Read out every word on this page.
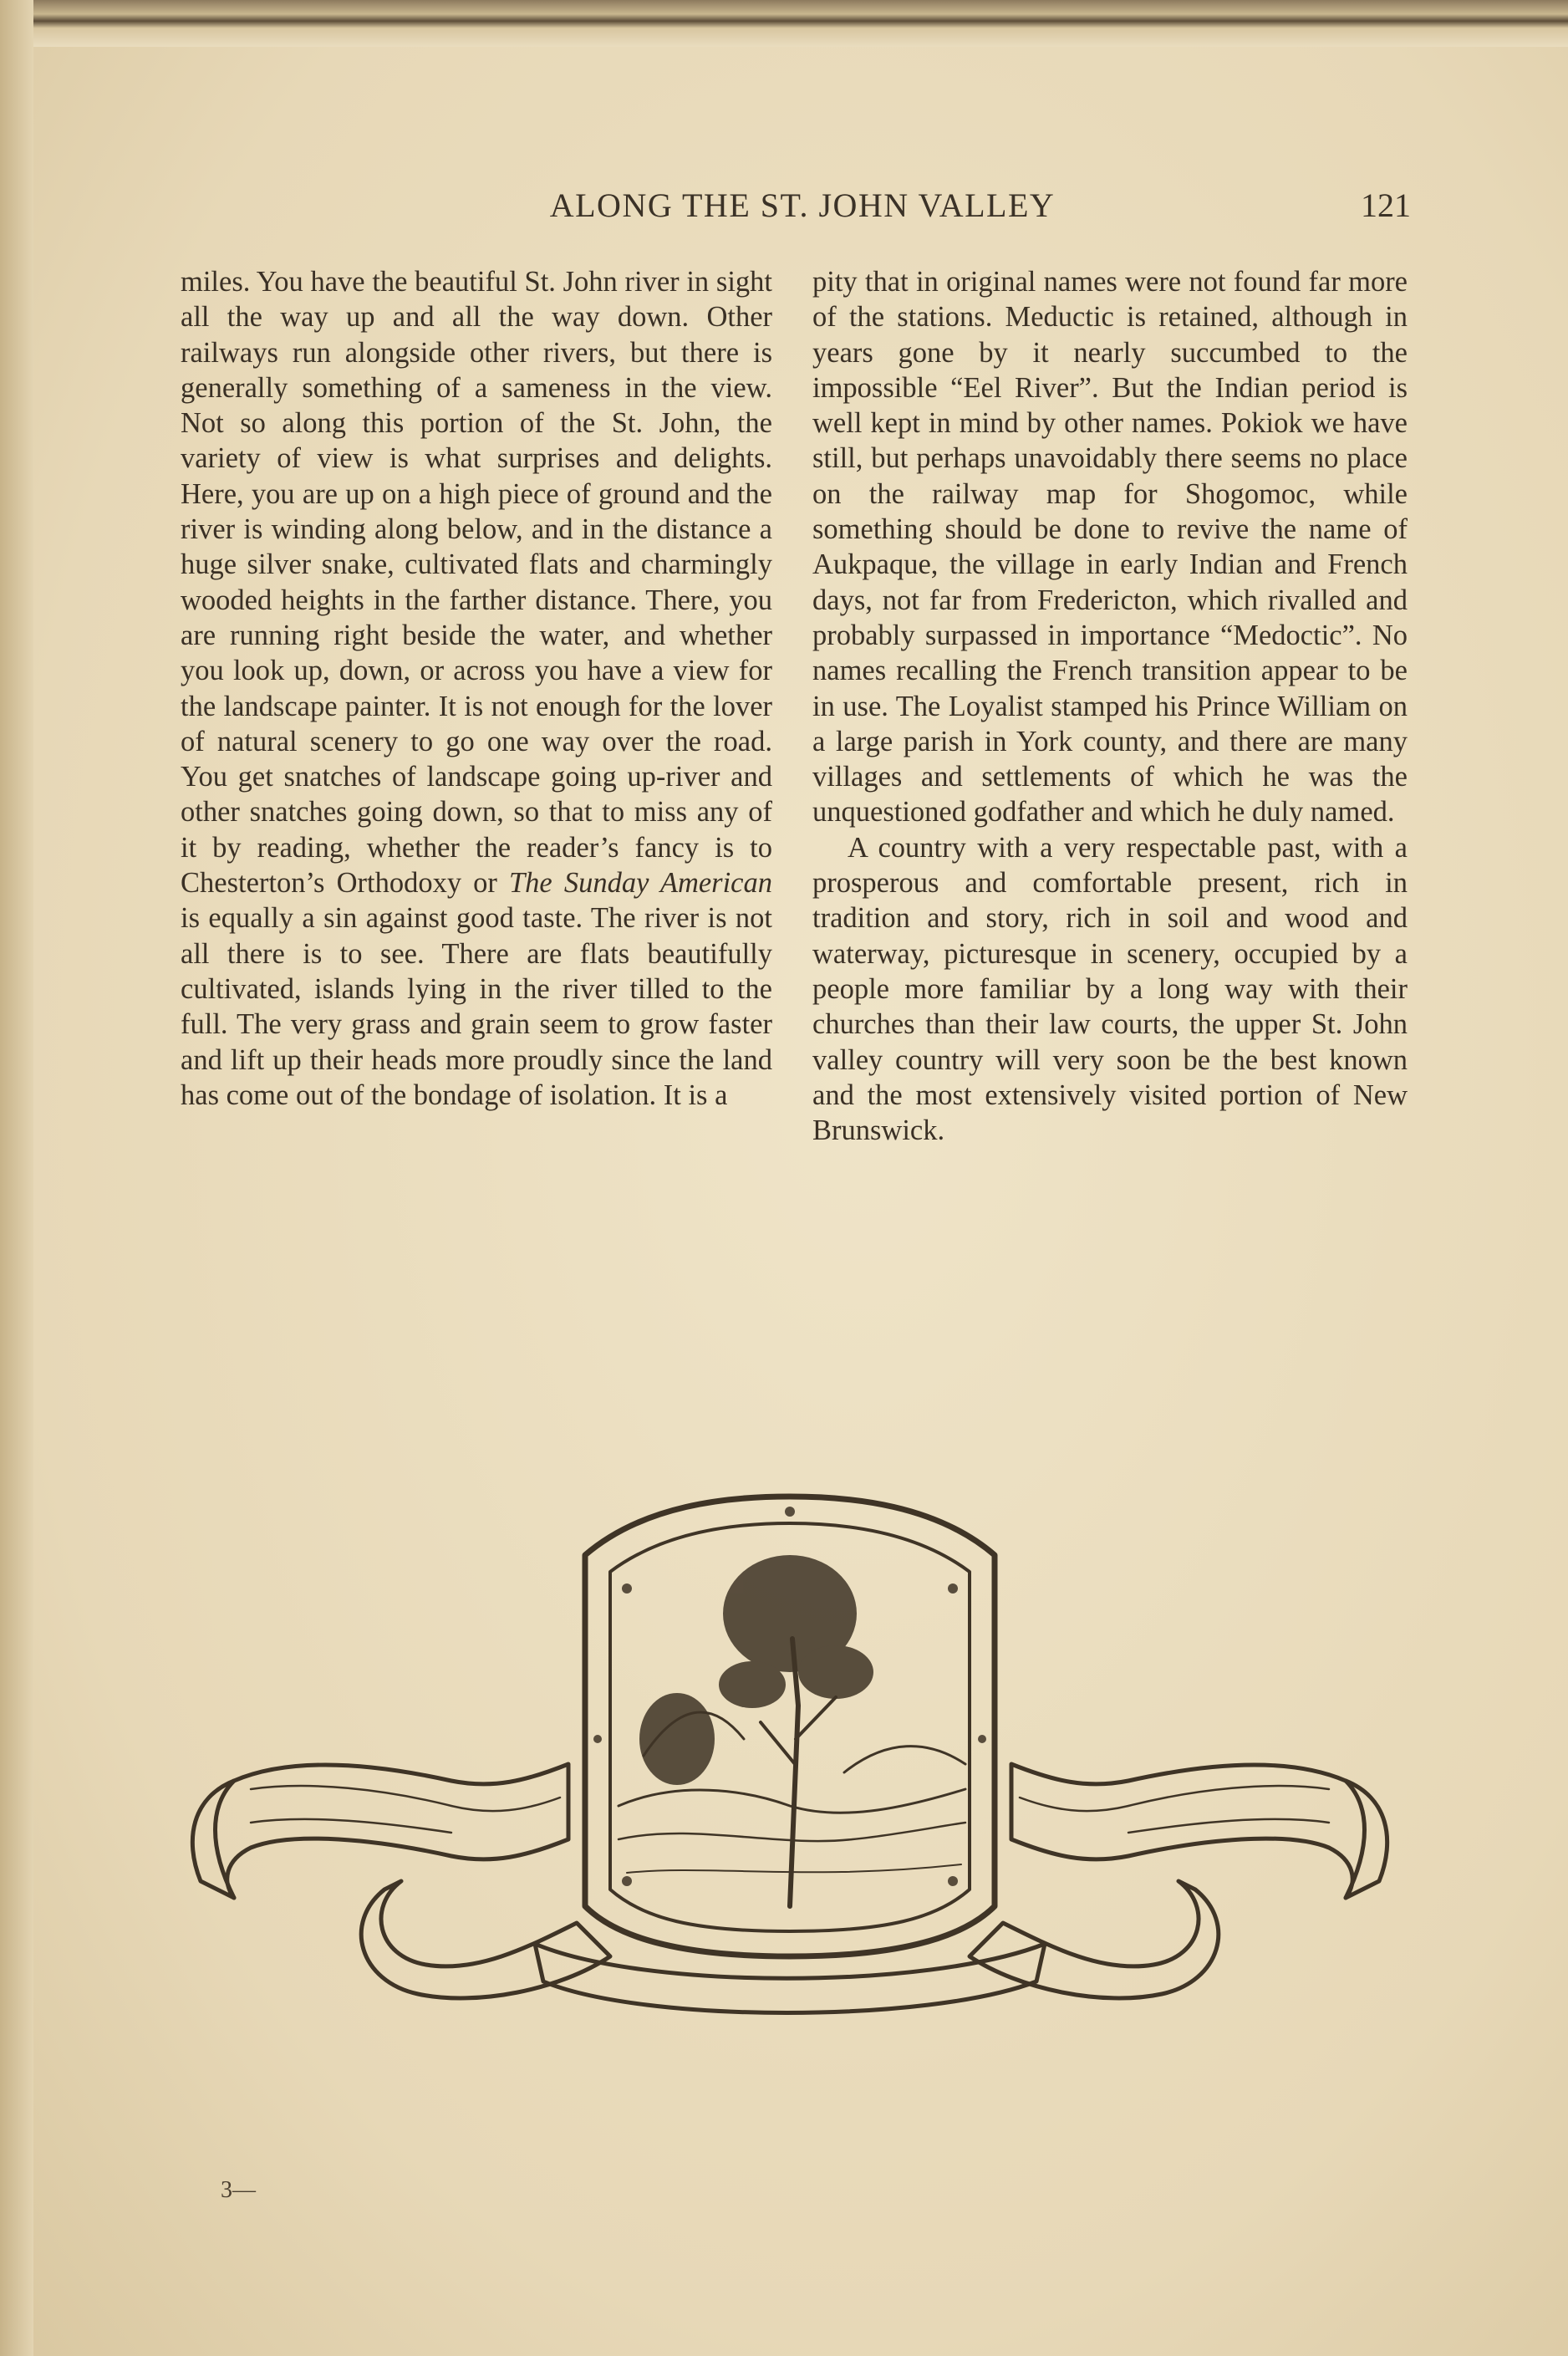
ALONG THE ST. JOHN VALLEY	121

miles. You have the beautiful St. John river in sight all the way up and all the way down. Other railways run alongside other rivers, but there is generally something of a sameness in the view. Not so along this portion of the St. John, the variety of view is what surprises and delights. Here, you are up on a high piece of ground and the river is winding along below, and in the distance a huge silver snake, cultivated flats and charmingly wooded heights in the farther distance. There, you are running right beside the water, and whether you look up, down, or across you have a view for the landscape painter. It is not enough for the lover of natural scenery to go one way over the road. You get snatches of landscape going up-river and other snatches going down, so that to miss any of it by reading, whether the reader’s fancy is to Chesterton’s Orthodoxy or The Sunday American is equally a sin against good taste. The river is not all there is to see. There are flats beautifully cultivated, islands lying in the river tilled to the full. The very grass and grain seem to grow faster and lift up their heads more proudly since the land has come out of the bondage of isolation. It is a

pity that in original names were not found far more of the stations. Meductic is retained, although in years gone by it nearly succumbed to the impossible “Eel River”. But the Indian period is well kept in mind by other names. Pokiok we have still, but perhaps unavoidably there seems no place on the railway map for Shogomoc, while something should be done to revive the name of Aukpaque, the village in early Indian and French days, not far from Fredericton, which rivalled and probably surpassed in importance “Medoctic”. No names recalling the French transition appear to be in use. The Loyalist stamped his Prince William on a large parish in York county, and there are many villages and settlements of which he was the unquestioned godfather and which he duly named.

A country with a very respectable past, with a prosperous and comfortable present, rich in tradition and story, rich in soil and wood and waterway, picturesque in scenery, occupied by a people more familiar by a long way with their churches than their law courts, the upper St. John valley country will very soon be the best known and the most extensively visited portion of New Brunswick.

3—
